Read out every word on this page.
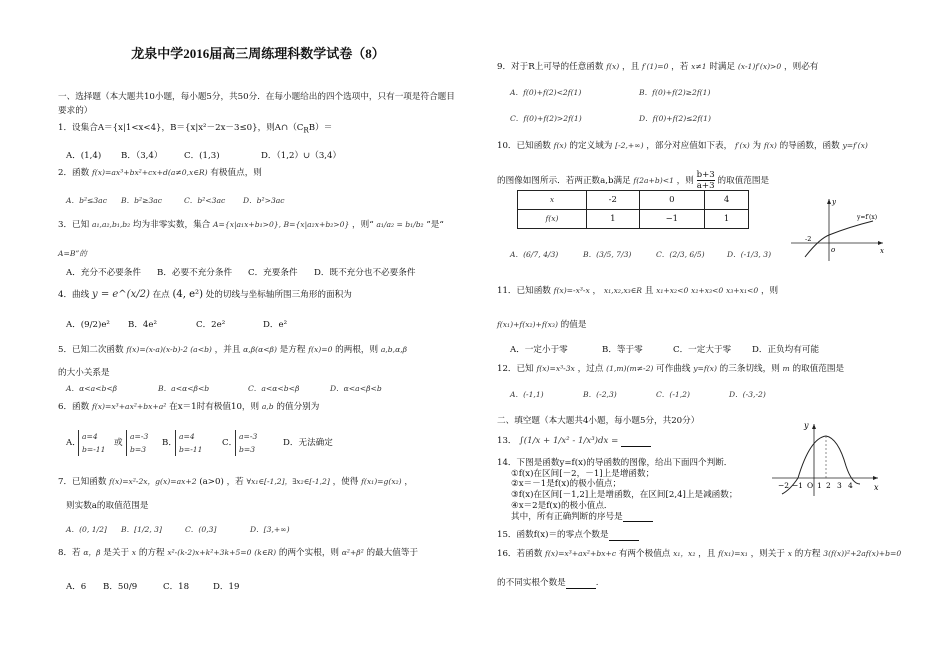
龙泉中学2016届高三周练理科数学试卷（8）
一、选择题（本大题共10小题，每小题5分，共50分．在每小题给出的四个选项中，只有一项是符合题目
要求的）
1．设集合A＝{x|1<x<4}，B＝{x|x²－2x－3≤0}，则$A\cap(C_RB)=$
A．(1,4) B．（3,4）	C．(1,3)	D．（1,2）∪（3,4）
2．函数 f(x)=ax³+bx²+cx+d(a≠0,x∈R) 有极值点，则
A．b²≤3ac B．b²≥3ac	C．b²<3ac D．b²>3ac
3．已知 a₁,a₂,b₁,b₂ 均为非零实数，集合 A={x|a₁x+b₁>0}, B={x|a₂x+b₂>0} ，则“ a₁/a₂ = b₁/b₂ ”是“
A=B”的
A．充分不必要条件 B．必要不充分条件 C．充要条件 D．既不充分也不必要条件
4．曲线 y = e^(x/2) 在点 (4, e²) 处的切线与坐标轴所围三角形的面积为
A．(9/2)e² B．4e²	C．2e²	D．e²
5．已知二次函数 f(x)=(x-a)(x-b)-2 (a<b) ，并且 α,β(α<β) 是方程 f(x)=0 的两根，则 a,b,α,β
的大小关系是
A．α<a<b<β	B．a<α<β<b	C．a<α<b<β	D．α<a<β<b
6．函数 f(x)=x³+ax²+bx+a² 在x＝1时有极值10，则 a,b 的值分别为
A．
a=4
b=-11
或
a=-3
b=3
B．
a=4
b=-11
C．
a=-3
b=3
D．无法确定
7．已知函数 f(x)=x²-2x，g(x)=ax+2 (a>0) ，若 ∀x₁∈[-1,2]，∃x₂∈[-1,2] ，使得 f(x₁)=g(x₂) ，
则实数a的取值范围是
A．(0, 1/2] B．[1/2, 3]	C．(0,3]	D．[3,+∞)
8．若 α，β 是关于 x 的方程 x²-(k-2)x+k²+3k+5=0 (k∈R) 的两个实根，则 α²+β² 的最大值等于
A．6 B．50/9	C．18	D．19
9．对于R上可导的任意函数 f(x) ，且 f′(1)=0 ，若 x≠1 时满足 (x-1)f′(x)>0 ，则必有
A．f(0)+f(2)<2f(1)	B．f(0)+f(2)≥2f(1)
C．f(0)+f(2)>2f(1)	D．f(0)+f(2)≤2f(1)
10．已知函数 f(x) 的定义域为 [-2,+∞) ，部分对应值如下表， f′(x) 为 f(x) 的导函数，函数 y=f′(x)
的图像如图所示．若两正数a,b满足 f(2a+b)<1 ，则 $\frac{b+3}{a+3}$ 的取值范围是
x	-2	0	4
f(x)	1	−1	1
y
x
o
-2
y=f′(x)
A．(6/7, 4/3)	B．(3/5, 7/3)	C．(2/3, 6/5)	D．(-1/3, 3)
11．已知函数 f(x)=-x³-x ， x₁,x₂,x₃∈R 且 x₁+x₂<0 x₂+x₃<0 x₃+x₁<0 ，则
f(x₁)+f(x₂)+f(x₃) 的值是
A．一定小于零	B．等于零	C．一定大于零 D．正负均有可能
12．已知 f(x)=x³-3x ，过点 (1,m)(m≠-2) 可作曲线 y=f(x) 的三条切线，则 m 的取值范围是
A．(-1,1)	B．(-2,3)	C．(-1,2)	D．(-3,-2)
二、填空题（本大题共4小题，每小题5分，共20分）
13． ∫(1/x + 1/x² - 1/x³)dx =
14．下图是函数y=f(x)的导函数的图像，给出下面四个判断．
①f(x)在区间[－2，－1]上是增函数；
②x＝－1是f(x)的极小值点；
③f(x)在区间[－1,2]上是增函数，在区间[2,4]上是减函数；
④x＝2是f(x)的极小值点．
其中，所有正确判断的序号是
y
x
−2 −1 O 1 2 3 4
15．函数f(x)＝的零点个数是
16．若函数 f(x)=x³+ax²+bx+c 有两个极值点 x₁，x₂ ，且 f(x₁)=x₁ ，则关于 x 的方程 3(f(x))²+2af(x)+b=0
的不同实根个数是	.
